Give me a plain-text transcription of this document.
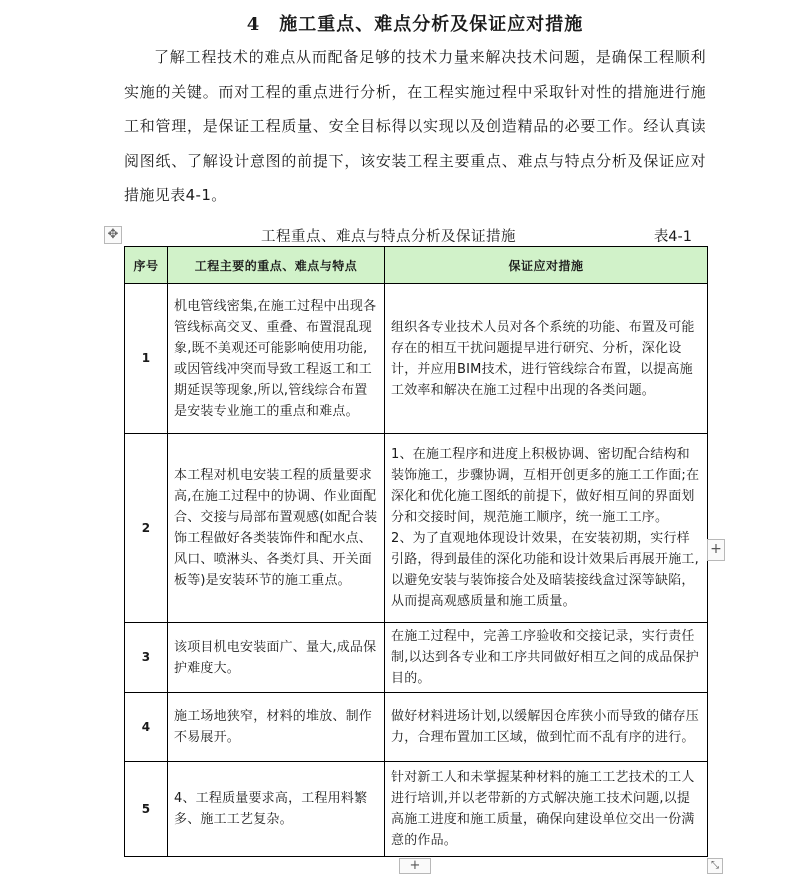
4　施工重点、难点分析及保证应对措施

了解工程技术的难点从而配备足够的技术力量来解决技术问题，是确保工程顺利实施的关键。而对工程的重点进行分析，在工程实施过程中采取针对性的措施进行施工和管理，是保证工程质量、安全目标得以实现以及创造精品的必要工作。经认真读阅图纸、了解设计意图的前提下，该安装工程主要重点、难点与特点分析及保证应对措施见表4-1。

✥	工程重点、难点与特点分析及保证措施	表4-1
序号	工程主要的重点、难点与特点	保证应对措施
1	机电管线密集,在施工过程中出现各管线标高交叉、重叠、布置混乱现象,既不美观还可能影响使用功能,或因管线冲突而导致工程返工和工期延误等现象,所以,管线综合布置是安装专业施工的重点和难点。	组织各专业技术人员对各个系统的功能、布置及可能存在的相互干扰问题提早进行研究、分析，深化设计，并应用BIM技术，进行管线综合布置，以提高施工效率和解决在施工过程中出现的各类问题。
2	本工程对机电安装工程的质量要求高,在施工过程中的协调、作业面配合、交接与局部布置观感(如配合装饰工程做好各类装饰件和配水点、风口、喷淋头、各类灯具、开关面板等)是安装环节的施工重点。	1、在施工程序和进度上积极协调、密切配合结构和装饰施工，步骤协调，互相开创更多的施工工作面;在深化和优化施工图纸的前提下，做好相互间的界面划分和交接时间，规范施工顺序，统一施工工序。
2、为了直观地体现设计效果，在安装初期，实行样引路，得到最佳的深化功能和设计效果后再展开施工,以避免安装与装饰接合处及暗装接线盒过深等缺陷，从而提高观感质量和施工质量。

3	该项目机电安装面广、量大,成品保护难度大。	在施工过程中，完善工序验收和交接记录，实行责任制,以达到各专业和工序共同做好相互之间的成品保护目的。
4	施工场地狭窄，材料的堆放、制作不易展开。	做好材料进场计划,以缓解因仓库狭小而导致的储存压力，合理布置加工区域，做到忙而不乱有序的进行。
5	4、工程质量要求高，工程用料繁多、施工工艺复杂。	针对新工人和未掌握某种材料的施工工艺技术的工人进行培训,并以老带新的方式解决施工技术问题,以提高施工进度和施工质量，确保向建设单位交出一份满意的作品。
+
+	⤡
